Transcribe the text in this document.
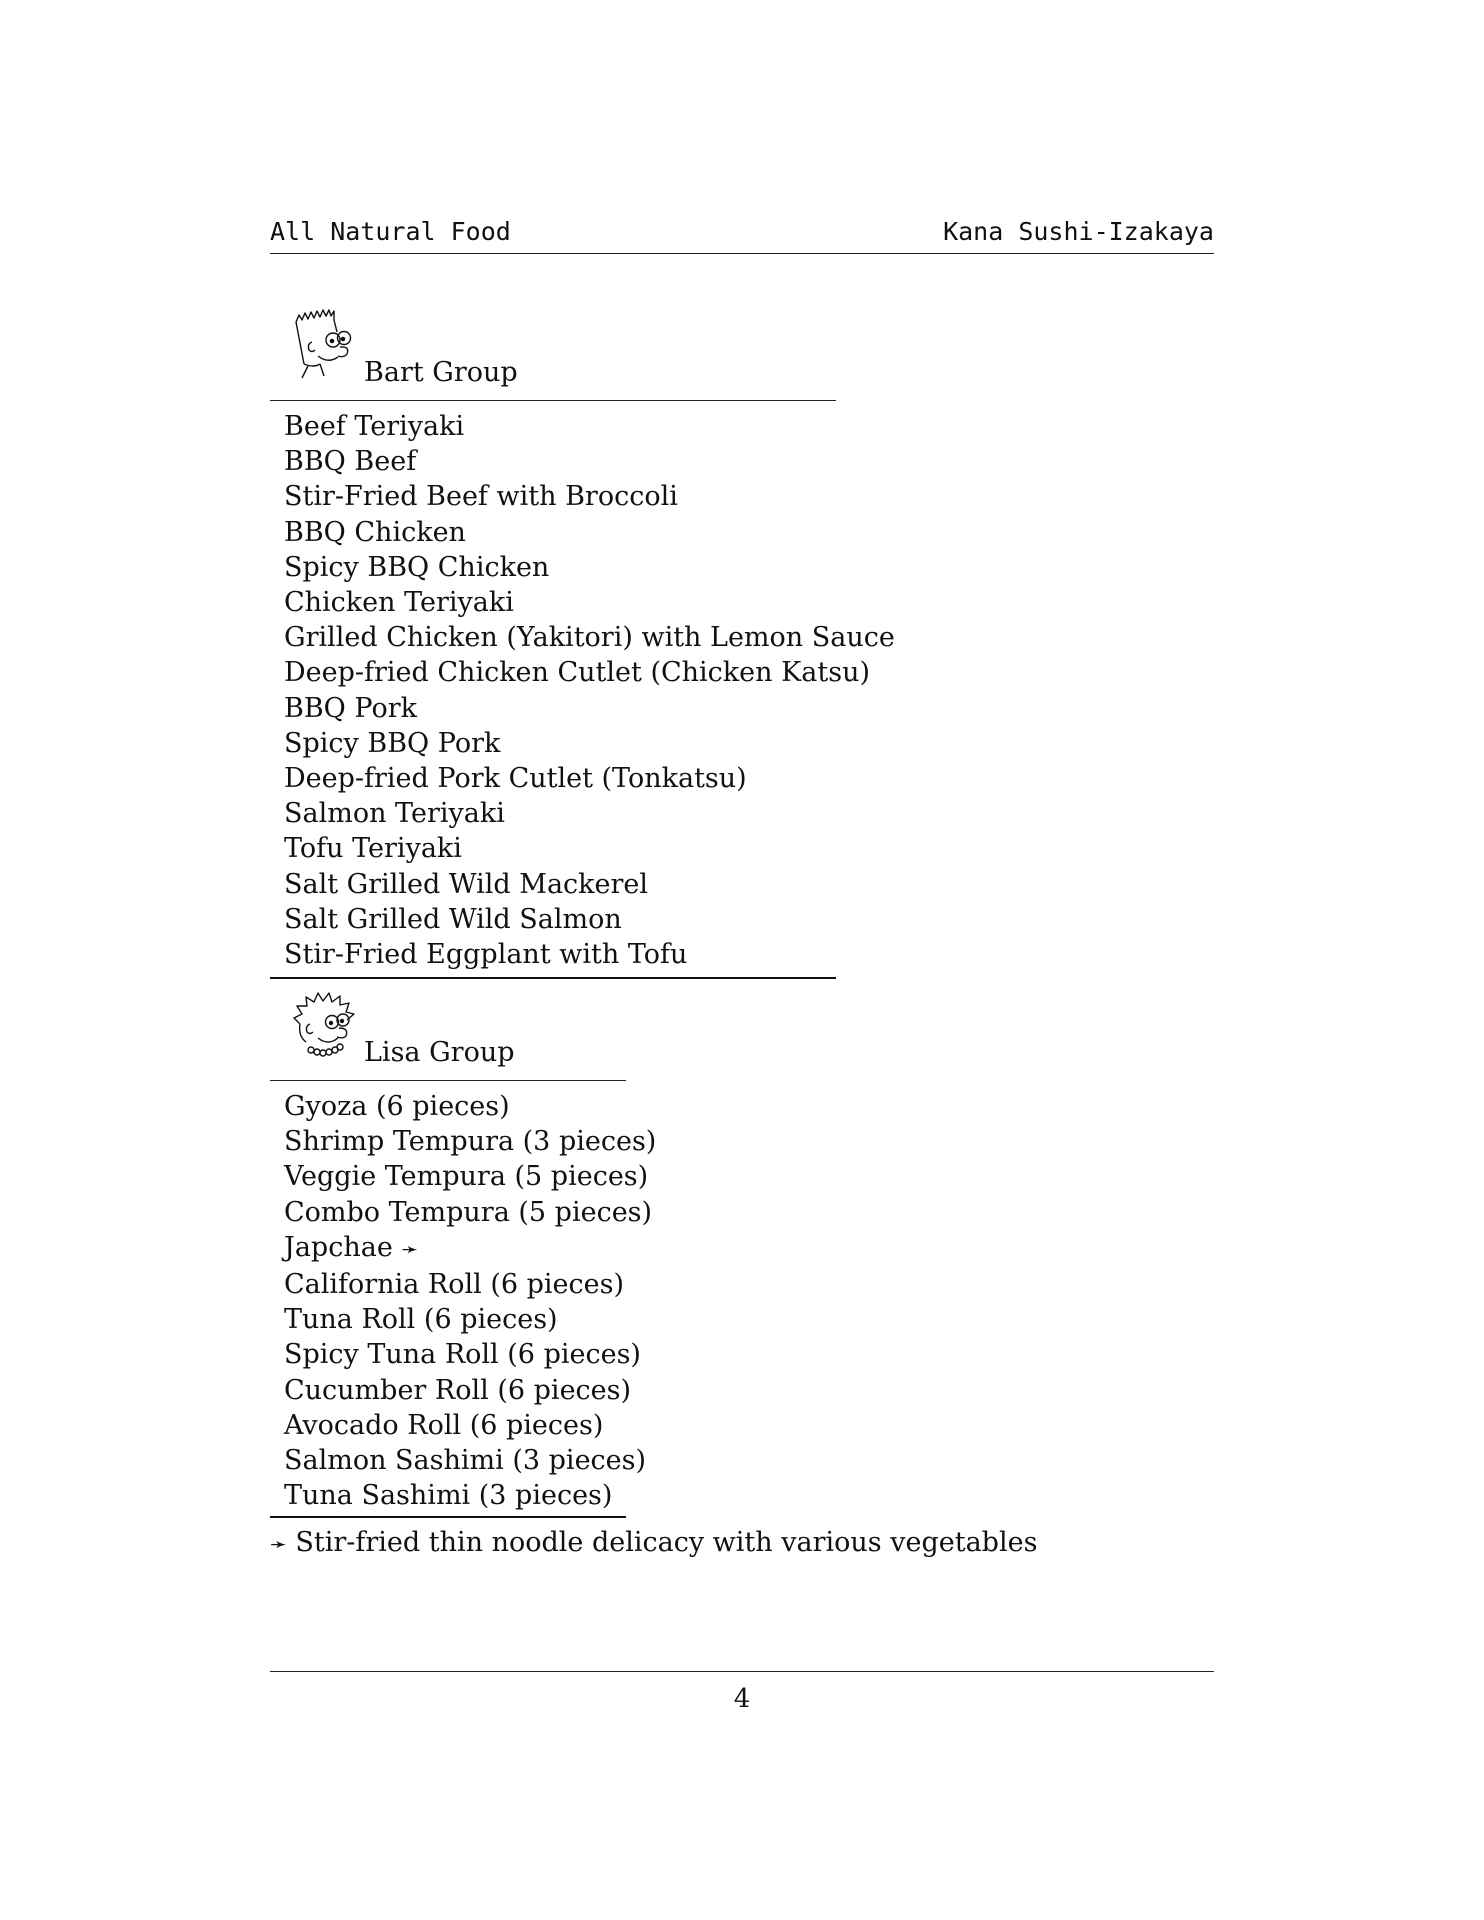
All Natural Food	Kana Sushi-Izakaya
Bart Group
Beef Teriyaki
BBQ Beef
Stir-Fried Beef with Broccoli
BBQ Chicken
Spicy BBQ Chicken
Chicken Teriyaki
Grilled Chicken (Yakitori) with Lemon Sauce
Deep-fried Chicken Cutlet (Chicken Katsu)
BBQ Pork
Spicy BBQ Pork
Deep-fried Pork Cutlet (Tonkatsu)
Salmon Teriyaki
Tofu Teriyaki
Salt Grilled Wild Mackerel
Salt Grilled Wild Salmon
Stir-Fried Eggplant with Tofu
Lisa Group
Gyoza (6 pieces)
Shrimp Tempura (3 pieces)
Veggie Tempura (5 pieces)
Combo Tempura (5 pieces)
Japchae ➛
California Roll (6 pieces)
Tuna Roll (6 pieces)
Spicy Tuna Roll (6 pieces)
Cucumber Roll (6 pieces)
Avocado Roll (6 pieces)
Salmon Sashimi (3 pieces)
Tuna Sashimi (3 pieces)
➛ Stir-fried thin noodle delicacy with various vegetables
4
